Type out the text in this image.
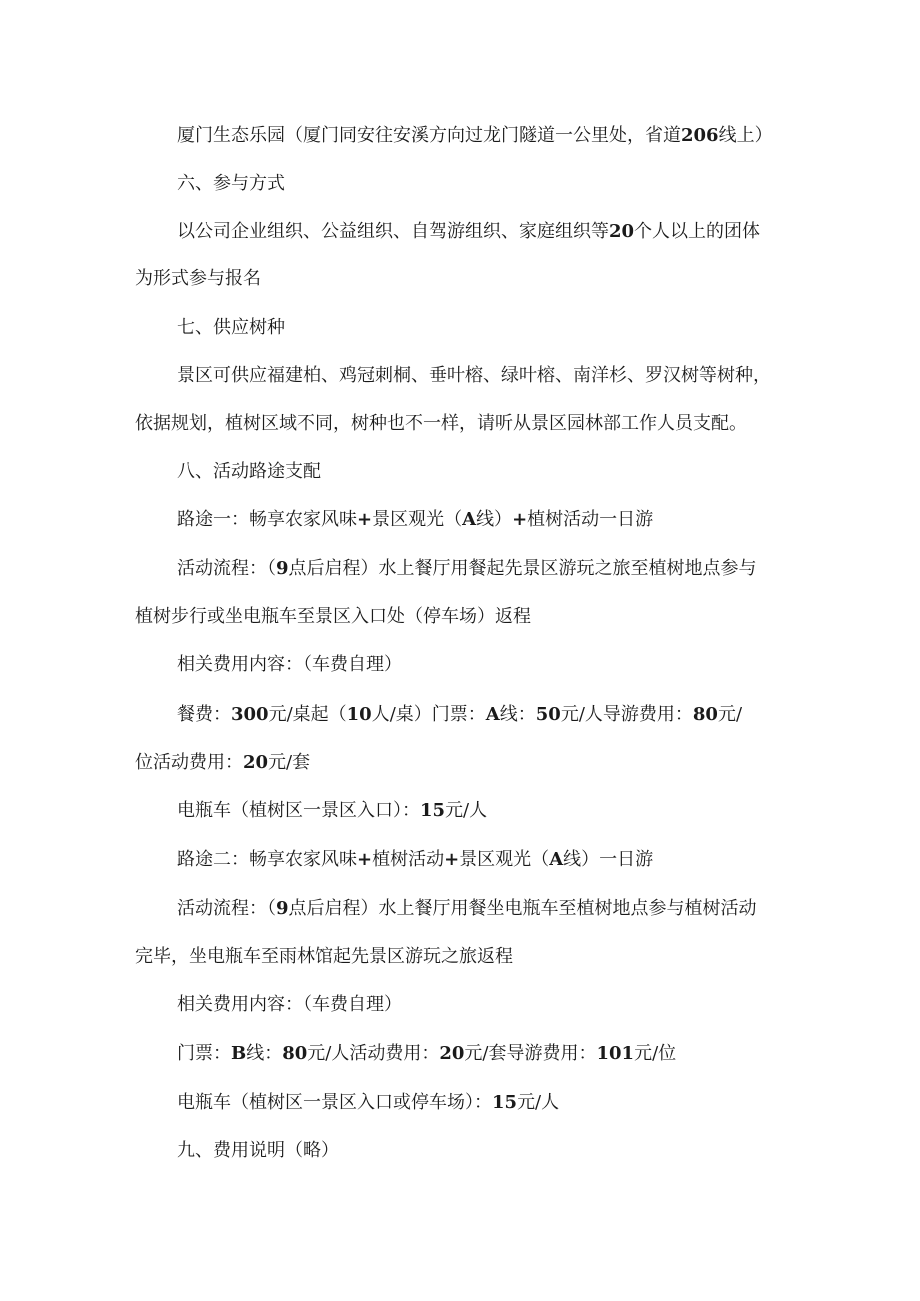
厦门生态乐园（厦门同安往安溪方向过龙门隧道一公里处，省道206线上）
六、参与方式
以公司企业组织、公益组织、自驾游组织、家庭组织等20个人以上的团体
为形式参与报名
七、供应树种
景区可供应福建柏、鸡冠刺桐、垂叶榕、绿叶榕、南洋杉、罗汉树等树种，
依据规划，植树区域不同，树种也不一样，请听从景区园林部工作人员支配。
八、活动路途支配
路途一：畅享农家风味+景区观光（A线）+植树活动一日游
活动流程：（9点后启程）水上餐厅用餐起先景区游玩之旅至植树地点参与
植树步行或坐电瓶车至景区入口处（停车场）返程
相关费用内容：（车费自理）
餐费：300元/桌起（10人/桌）门票：A线：50元/人导游费用：80元/
位活动费用：20元/套
电瓶车（植树区一景区入口）：15元/人
路途二：畅享农家风味+植树活动+景区观光（A线）一日游
活动流程：（9点后启程）水上餐厅用餐坐电瓶车至植树地点参与植树活动
完毕，坐电瓶车至雨林馆起先景区游玩之旅返程
相关费用内容：（车费自理）
门票：B线：80元/人活动费用：20元/套导游费用：101元/位
电瓶车（植树区一景区入口或停车场）：15元/人
九、费用说明（略）
